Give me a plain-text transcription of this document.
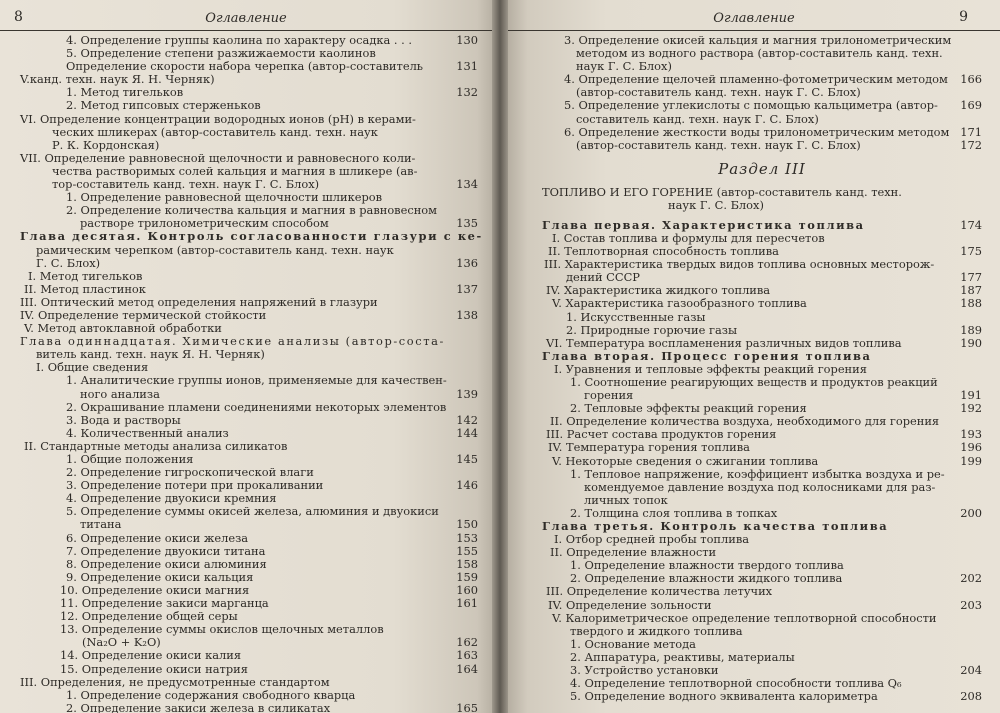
8	Оглавление
4. Определение группы каолина по характеру осадка . . .	130
5. Определение степени разжижаемости каолинов
Определение скорости набора черепка (автор-составитель	131
V.канд. техн. наук Я. Н. Черняк)
1. Метод тигельков	132
2. Метод гипсовых стерженьков
VI. Определение концентрации водородных ионов (pH) в керами-
ческих шликерах (автор-составитель канд. техн. наук
Р. К. Кордонская)
VII. Определение равновесной щелочности и равновесного коли-
чества растворимых солей кальция и магния в шликере (ав-
тор-составитель канд. техн. наук Г. С. Блох)	134
1. Определение равновесной щелочности шликеров
2. Определение количества кальция и магния в равновесном
растворе трилонометрическим способом	135
Глава десятая. Контроль согласованности глазури с ке-
рамическим черепком (автор-составитель канд. техн. наук
Г. С. Блох)	136
I. Метод тигельков
II. Метод пластинок	137
III. Оптический метод определения напряжений в глазури
IV. Определение термической стойкости	138
V. Метод автоклавной обработки
Глава одиннадцатая. Химические анализы (автор-соста-
витель канд. техн. наук Я. Н. Черняк)
I. Общие сведения
1. Аналитические группы ионов, применяемые для качествен-
ного анализа	139
2. Окрашивание пламени соединениями некоторых элементов
3. Вода и растворы	142
4. Количественный анализ	144
II. Стандартные методы анализа силикатов
1. Общие положения	145
2. Определение гигроскопической влаги
3. Определение потери при прокаливании	146
4. Определение двуокиси кремния
5. Определение суммы окисей железа, алюминия и двуокиси
титана	150
6. Определение окиси железа	153
7. Определение двуокиси титана	155
8. Определение окиси алюминия	158
9. Определение окиси кальция	159
10. Определение окиси магния	160
11. Определение закиси марганца	161
12. Определение общей серы
13. Определение суммы окислов щелочных металлов
(Na₂O + K₂O)	162
14. Определение окиси калия	163
15. Определение окиси натрия	164
III. Определения, не предусмотренные стандартом
1. Определение содержания свободного кварца
2. Определение закиси железа в силикатах	165
Оглавление	9
3. Определение окисей кальция и магния трилонометрическим
методом из водного раствора (автор-составитель канд. техн.
наук Г. С. Блох)
4. Определение щелочей пламенно-фотометрическим методом 166
(автор-составитель канд. техн. наук Г. С. Блох)
5. Определение углекислоты с помощью кальциметра (автор- 169
составитель канд. техн. наук Г. С. Блох)
6. Определение жесткости воды трилонометрическим методом 171
(автор-составитель канд. техн. наук Г. С. Блох)	172
Раздел III
ТОПЛИВО И ЕГО ГОРЕНИЕ (автор-составитель канд. техн.
наук Г. С. Блох)
Глава первая. Характеристика топлива	174
I. Состав топлива и формулы для пересчетов
II. Теплотворная способность топлива	175
III. Характеристика твердых видов топлива основных месторож-
дений СССР	177
IV. Характеристика жидкого топлива	187
V. Характеристика газообразного топлива	188
1. Искусственные газы
2. Природные горючие газы	189
VI. Температура воспламенения различных видов топлива	190
Глава вторая. Процесс горения топлива
I. Уравнения и тепловые эффекты реакций горения
1. Соотношение реагирующих веществ и продуктов реакций
горения	191
2. Тепловые эффекты реакций горения	192
II. Определение количества воздуха, необходимого для горения
III. Расчет состава продуктов горения	193
IV. Температура горения топлива	196
V. Некоторые сведения о сжигании топлива	199
1. Тепловое напряжение, коэффициент избытка воздуха и ре-
комендуемое давление воздуха под колосниками для раз-
личных топок
2. Толщина слоя топлива в топках	200
Глава третья. Контроль качества топлива
I. Отбор средней пробы топлива
II. Определение влажности
1. Определение влажности твердого топлива
2. Определение влажности жидкого топлива	202
III. Определение количества летучих
IV. Определение зольности	203
V. Калориметрическое определение теплотворной способности
твердого и жидкого топлива
1. Основание метода
2. Аппаратура, реактивы, материалы
3. Устройство установки	204
4. Определение теплотворной способности топлива Q₆
5. Определение водного эквивалента калориметра	208
